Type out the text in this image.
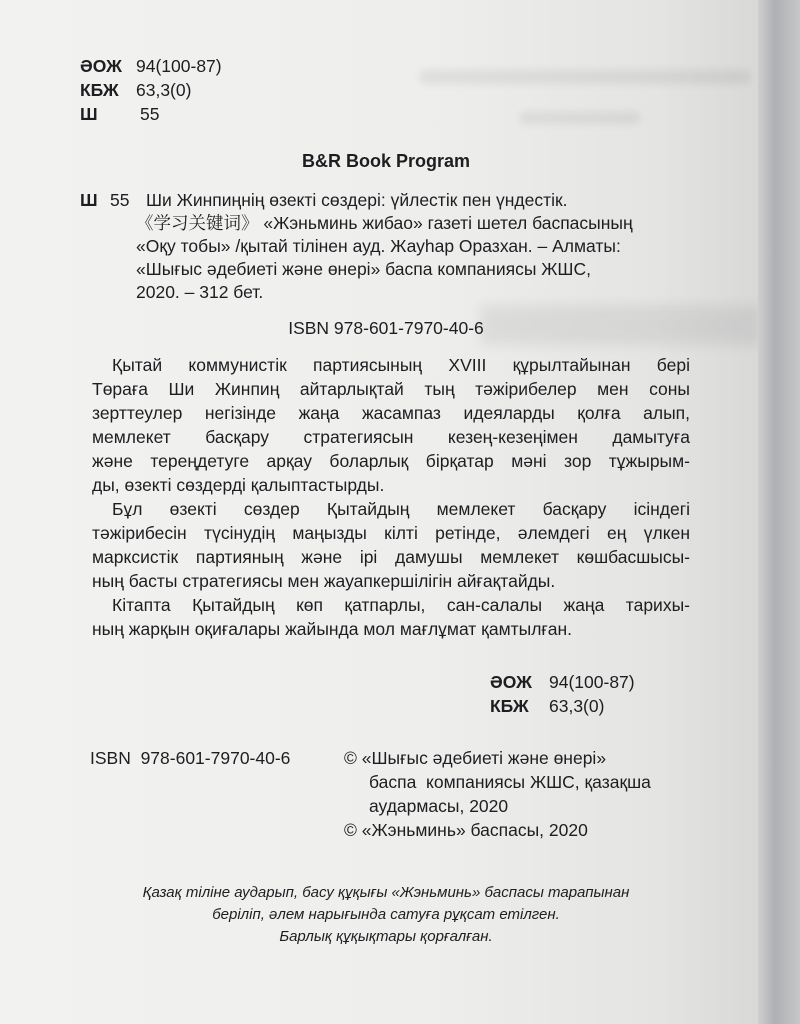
ӘОЖ 94(100-87)
КБЖ 63,3(0)
Ш 55
B&R Book Program
Ш 55 Ши Жинпиңнің өзекті сөздері: үйлестік пен үндестік.
《学习关键词》 «Жэньминь жибао» газеті шетел баспасының
«Оқу тобы» /қытай тілінен ауд. Жауһар Оразхан. – Алматы:
«Шығыс әдебиеті және өнері» баспа компаниясы ЖШС,
2020. – 312 бет.
ISBN 978-601-7970-40-6
Қытай коммунистік партиясының XVIII құрылтайынан бері
Төраға Ши Жинпиң айтарлықтай тың тәжірибелер мен соны
зерттеулер негізінде жаңа жасампаз идеяларды қолға алып,
мемлекет басқару стратегиясын кезең-кезеңімен дамытуға
және тереңдетуге арқау боларлық бірқатар мәні зор тұжырым-
ды, өзекті сөздерді қалыптастырды.
Бұл өзекті сөздер Қытайдың мемлекет басқару ісіндегі
тәжірибесін түсінудің маңызды кілті ретінде, әлемдегі ең үлкен
марксистік партияның және ірі дамушы мемлекет көшбасшысы-
ның басты стратегиясы мен жауапкершілігін айғақтайды.
Кітапта Қытайдың көп қатпарлы, сан-салалы жаңа тарихы-
ның жарқын оқиғалары жайында мол мағлұмат қамтылған.
ӘОЖ 94(100-87)
КБЖ 63,3(0)
ISBN  978-601-7970-40-6	© «Шығыс әдебиеті және өнері»
баспа  компаниясы ЖШС, қазақша
аудармасы, 2020
© «Жэньминь» баспасы, 2020
Қазақ тіліне аударып, басу құқығы «Жэньминь» баспасы тарапынан
беріліп, әлем нарығында сатуға рұқсат етілген.
Барлық құқықтары қорғалған.
